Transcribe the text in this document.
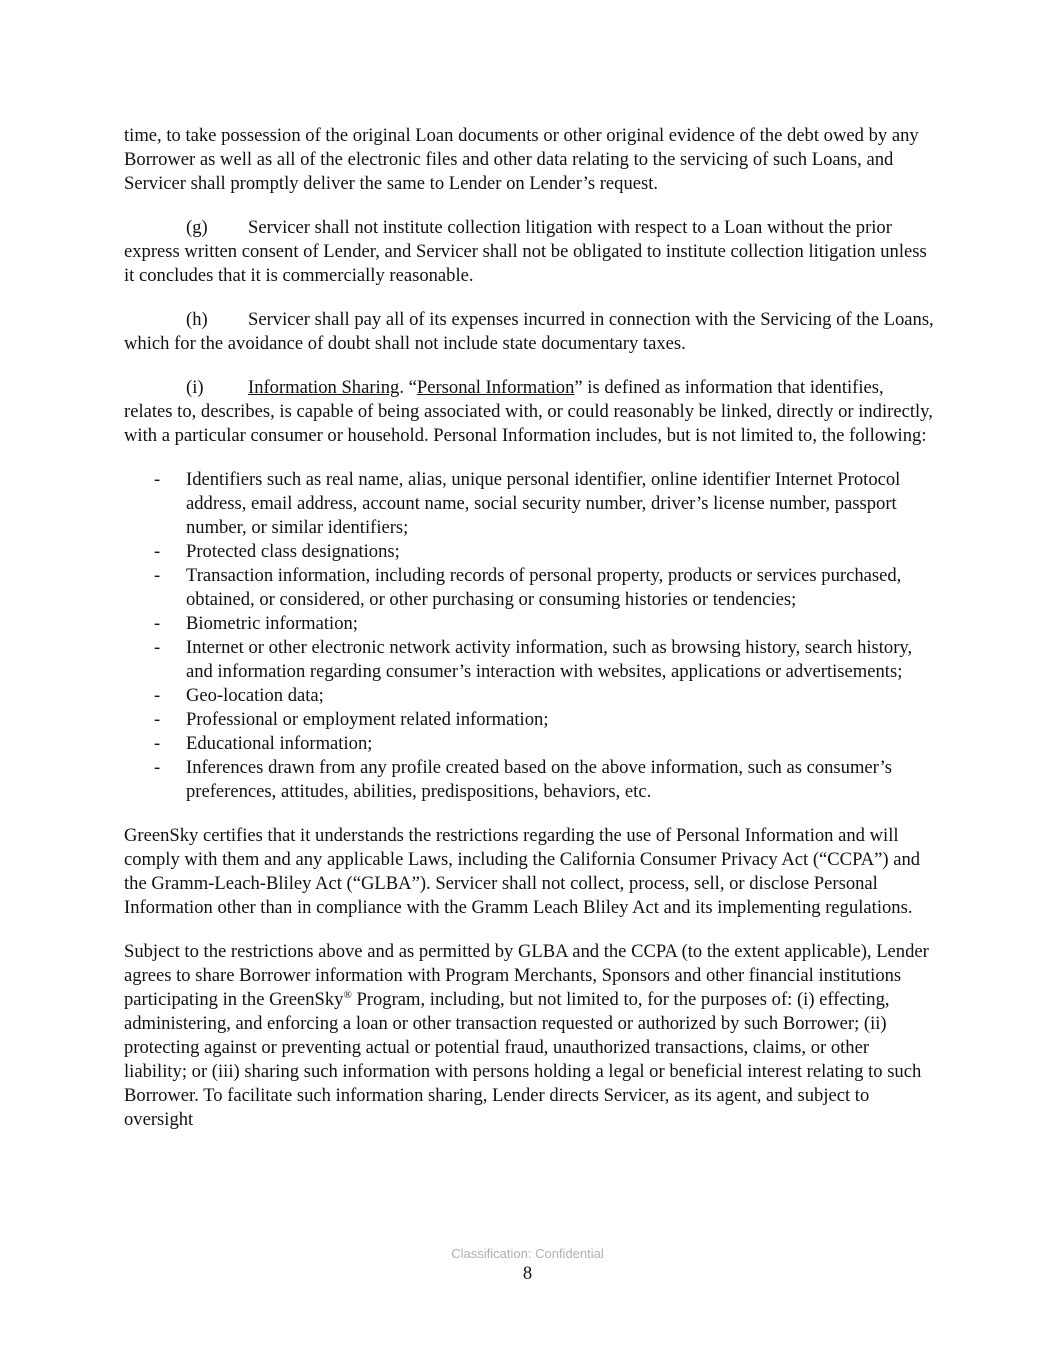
time, to take possession of the original Loan documents or other original evidence of the debt owed by any Borrower as well as all of the electronic files and other data relating to the servicing of such Loans, and Servicer shall promptly deliver the same to Lender on Lender’s request.

(g) Servicer shall not institute collection litigation with respect to a Loan without the prior express written consent of Lender, and Servicer shall not be obligated to institute collection litigation unless it concludes that it is commercially reasonable.

(h) Servicer shall pay all of its expenses incurred in connection with the Servicing of the Loans, which for the avoidance of doubt shall not include state documentary taxes.

(i) Information Sharing. “Personal Information” is defined as information that identifies, relates to, describes, is capable of being associated with, or could reasonably be linked, directly or indirectly, with a particular consumer or household. Personal Information includes, but is not limited to, the following:

- Identifiers such as real name, alias, unique personal identifier, online identifier Internet Protocol address, email address, account name, social security number, driver’s license number, passport number, or similar identifiers;
- Protected class designations;
- Transaction information, including records of personal property, products or services purchased, obtained, or considered, or other purchasing or consuming histories or tendencies;
- Biometric information;
- Internet or other electronic network activity information, such as browsing history, search history, and information regarding consumer’s interaction with websites, applications or advertisements;
- Geo-location data;
- Professional or employment related information;
- Educational information;
- Inferences drawn from any profile created based on the above information, such as consumer’s preferences, attitudes, abilities, predispositions, behaviors, etc.

GreenSky certifies that it understands the restrictions regarding the use of Personal Information and will comply with them and any applicable Laws, including the California Consumer Privacy Act (“CCPA”) and the Gramm-Leach-Bliley Act (“GLBA”). Servicer shall not collect, process, sell, or disclose Personal Information other than in compliance with the Gramm Leach Bliley Act and its implementing regulations.

Subject to the restrictions above and as permitted by GLBA and the CCPA (to the extent applicable), Lender agrees to share Borrower information with Program Merchants, Sponsors and other financial institutions participating in the GreenSky® Program, including, but not limited to, for the purposes of: (i) effecting, administering, and enforcing a loan or other transaction requested or authorized by such Borrower; (ii) protecting against or preventing actual or potential fraud, unauthorized transactions, claims, or other liability; or (iii) sharing such information with persons holding a legal or beneficial interest relating to such Borrower. To facilitate such information sharing, Lender directs Servicer, as its agent, and subject to oversight

Classification: Confidential
8
